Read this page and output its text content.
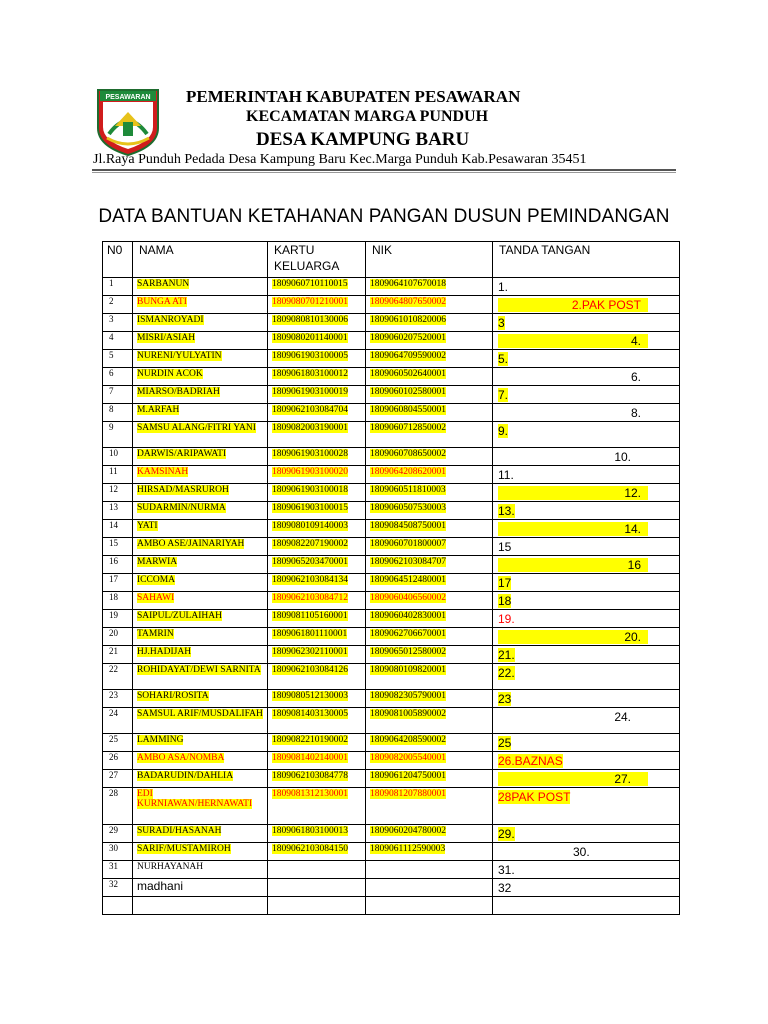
PESAWARAN PEMERINTAH KABUPATEN PESAWARAN
KECAMATAN MARGA PUNDUH
DESA KAMPUNG BARU
Jl.Raya Punduh Pedada Desa Kampung Baru Kec.Marga Punduh Kab.Pesawaran 35451
DATA BANTUAN KETAHANAN PANGAN DUSUN PEMINDANGAN
N0	NAMA	KARTU KELUARGA	NIK	TANDA TANGAN
1	SARBANUN	1809060710110015	1809064107670018	1.

2	BUNGA ATI	1809080701210001	1809064807650002	2.PAK POST

3	ISMANROYADI	1809080810130006	1809061010820006	3

4	MISRI/ASIAH	1809080201140001	1809060207520001	4.

5	NURENI/YULYATIN	1809061903100005	1809064709590002	5.

6	NURDIN ACOK	1809061803100012	1809060502640001	6.

7	MIARSO/BADRIAH	1809061903100019	1809060102580001	7.

8	M.ARFAH	1809062103084704	1809060804550001	8.

9	SAMSU ALANG/FITRI YANI	1809082003190001	1809060712850002	9.

10	DARWIS/ARIPAWATI	1809061903100028	1809060708650002	10.

11	KAMSINAH	1809061903100020	1809064208620001	11.

12	HIRSAD/MASRUROH	1809061903100018	1809060511810003	12.

13	SUDARMIN/NURMA	1809061903100015	1809060507530003	13.

14	YATI	1809080109140003	1809084508750001	14.

15	AMBO ASE/JAINARIYAH	1809082207190002	1809060701800007	15

16	MARWIA	1809065203470001	1809062103084707	16

17	ICCOMA	1809062103084134	1809064512480001	17

18	SAHAWI	1809062103084712	1809060406560002	18

19	SAIPUL/ZULAIHAH	1809081105160001	1809060402830001	19.

20	TAMRIN	1809061801110001	1809062706670001	20.

21	HJ.HADIJAH	1809062302110001	1809065012580002	21.

22	ROHIDAYAT/DEWI SARNITA	1809062103084126	1809080109820001	22.

23	SOHARI/ROSITA	1809080512130003	1809082305790001	23

24	SAMSUL ARIF/MUSDALIFAH	1809081403130005	1809081005890002	24.

25	LAMMING	1809082210190002	1809064208590002	25

26	AMBO ASA/NOMBA	1809081402140001	1809082005540001	26.BAZNAS

27	BADARUDIN/DAHLIA	1809062103084778	1809061204750001	27.

28	EDI KURNIAWAN/HERNAWATI	1809081312130001	1809081207880001	28PAK POST

29	SURADI/HASANAH	1809061803100013	1809060204780002	29.

30	SARIF/MUSTAMIROH	1809062103084150	1809061112590003	30.

31	NURHAYANAH			31.

32	madhani			32
